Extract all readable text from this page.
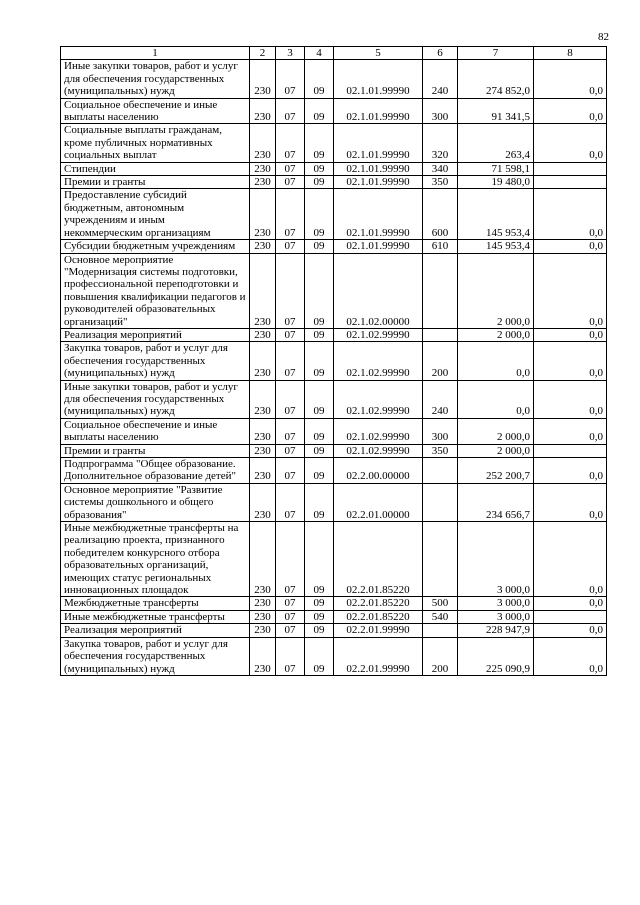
82
1	2	3	4	5	6	7	8
Иные закупки товаров, работ и услуг для обеспечения государственных (муниципальных) нужд	230	07	09	02.1.01.99990	240	274 852,0	0,0
Социальное обеспечение и иные выплаты населению	230	07	09	02.1.01.99990	300	91 341,5	0,0
Социальные выплаты гражданам, кроме публичных нормативных социальных выплат	230	07	09	02.1.01.99990	320	263,4	0,0
Стипендии	230	07	09	02.1.01.99990	340	71 598,1	
Премии и гранты	230	07	09	02.1.01.99990	350	19 480,0	
Предоставление субсидий бюджетным, автономным учреждениям и иным некоммерческим организациям	230	07	09	02.1.01.99990	600	145 953,4	0,0
Субсидии бюджетным учреждениям	230	07	09	02.1.01.99990	610	145 953,4	0,0
Основное мероприятие "Модернизация системы подготовки, профессиональной переподготовки и повышения квалификации педагогов и руководителей образовательных организаций"	230	07	09	02.1.02.00000		2 000,0	0,0
Реализация мероприятий	230	07	09	02.1.02.99990		2 000,0	0,0
Закупка товаров, работ и услуг для обеспечения государственных (муниципальных) нужд	230	07	09	02.1.02.99990	200	0,0	0,0
Иные закупки товаров, работ и услуг для обеспечения государственных (муниципальных) нужд	230	07	09	02.1.02.99990	240	0,0	0,0
Социальное обеспечение и иные выплаты населению	230	07	09	02.1.02.99990	300	2 000,0	0,0
Премии и гранты	230	07	09	02.1.02.99990	350	2 000,0	
Подпрограмма "Общее образование. Дополнительное образование детей"	230	07	09	02.2.00.00000		252 200,7	0,0
Основное мероприятие "Развитие системы дошкольного и общего образования"	230	07	09	02.2.01.00000		234 656,7	0,0
Иные межбюджетные трансферты на реализацию проекта, признанного победителем конкурсного отбора образовательных организаций, имеющих статус региональных инновационных площадок	230	07	09	02.2.01.85220		3 000,0	0,0
Межбюджетные трансферты	230	07	09	02.2.01.85220	500	3 000,0	0,0
Иные межбюджетные трансферты	230	07	09	02.2.01.85220	540	3 000,0	
Реализация мероприятий	230	07	09	02.2.01.99990		228 947,9	0,0
Закупка товаров, работ и услуг для обеспечения государственных (муниципальных) нужд	230	07	09	02.2.01.99990	200	225 090,9	0,0
